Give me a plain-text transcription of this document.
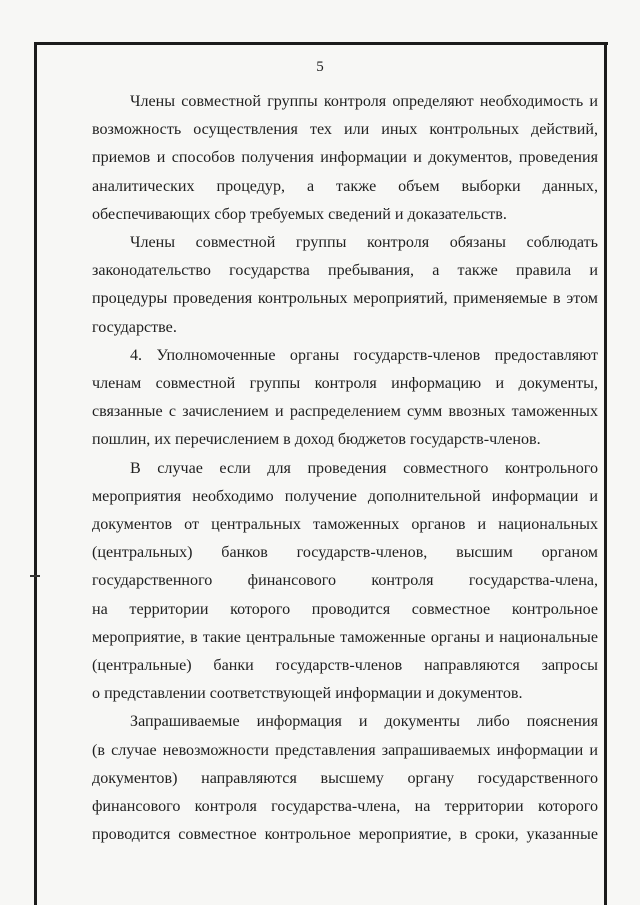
5

Члены совместной группы контроля определяют необходимость и
возможность осуществления тех или иных контрольных действий,
приемов и способов получения информации и документов, проведения
аналитических процедур, а также объем выборки данных,
обеспечивающих сбор требуемых сведений и доказательств.

Члены совместной группы контроля обязаны соблюдать
законодательство государства пребывания, а также правила и
процедуры проведения контрольных мероприятий, применяемые в этом
государстве.

4. Уполномоченные органы государств-членов предоставляют
членам совместной группы контроля информацию и документы,
связанные с зачислением и распределением сумм ввозных таможенных
пошлин, их перечислением в доход бюджетов государств-членов.

В случае если для проведения совместного контрольного
мероприятия необходимо получение дополнительной информации и
документов от центральных таможенных органов и национальных
(центральных) банков государств-членов, высшим органом
государственного финансового контроля государства-члена,
на территории которого проводится совместное контрольное
мероприятие, в такие центральные таможенные органы и национальные
(центральные) банки государств-членов направляются запросы
о представлении соответствующей информации и документов.

Запрашиваемые информация и документы либо пояснения
(в случае невозможности представления запрашиваемых информации и
документов) направляются высшему органу государственного
финансового контроля государства-члена, на территории которого
проводится совместное контрольное мероприятие, в сроки, указанные
